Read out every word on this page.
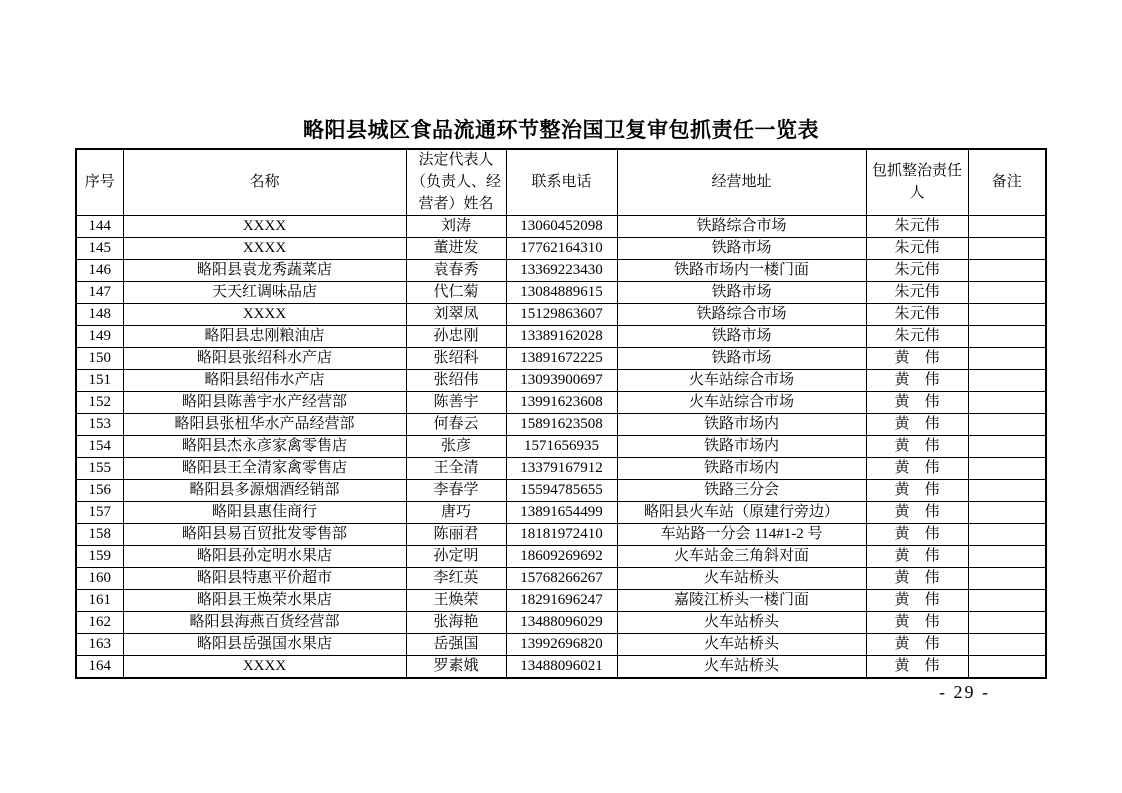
略阳县城区食品流通环节整治国卫复审包抓责任一览表
序号	名称	法定代表人（负责人、经营者）姓名	联系电话	经营地址	包抓整治责任人	备注
144	XXXX	刘涛	13060452098	铁路综合市场	朱元伟	
145	XXXX	董进发	17762164310	铁路市场	朱元伟	
146	略阳县袁龙秀蔬菜店	袁春秀	13369223430	铁路市场内一楼门面	朱元伟	
147	天天红调味品店	代仁菊	13084889615	铁路市场	朱元伟	
148	XXXX	刘翠凤	15129863607	铁路综合市场	朱元伟	
149	略阳县忠刚粮油店	孙忠刚	13389162028	铁路市场	朱元伟	
150	略阳县张绍科水产店	张绍科	13891672225	铁路市场	黄　伟	
151	略阳县绍伟水产店	张绍伟	13093900697	火车站综合市场	黄　伟	
152	略阳县陈善宇水产经营部	陈善宇	13991623608	火车站综合市场	黄　伟	
153	略阳县张杻华水产品经营部	何春云	15891623508	铁路市场内	黄　伟	
154	略阳县杰永彦家禽零售店	张彦	1571656935	铁路市场内	黄　伟	
155	略阳县王全清家禽零售店	王全清	13379167912	铁路市场内	黄　伟	
156	略阳县多源烟酒经销部	李春学	15594785655	铁路三分会	黄　伟	
157	略阳县惠佳商行	唐巧	13891654499	略阳县火车站（原建行旁边）	黄　伟	
158	略阳县易百贸批发零售部	陈丽君	18181972410	车站路一分会 114#1-2 号	黄　伟	
159	略阳县孙定明水果店	孙定明	18609269692	火车站金三角斜对面	黄　伟	
160	略阳县特惠平价超市	李红英	15768266267	火车站桥头	黄　伟	
161	略阳县王焕荣水果店	王焕荣	18291696247	嘉陵江桥头一楼门面	黄　伟	
162	略阳县海燕百货经营部	张海艳	13488096029	火车站桥头	黄　伟	
163	略阳县岳强国水果店	岳强国	13992696820	火车站桥头	黄　伟	
164	XXXX	罗素娥	13488096021	火车站桥头	黄　伟	
- 29 -
